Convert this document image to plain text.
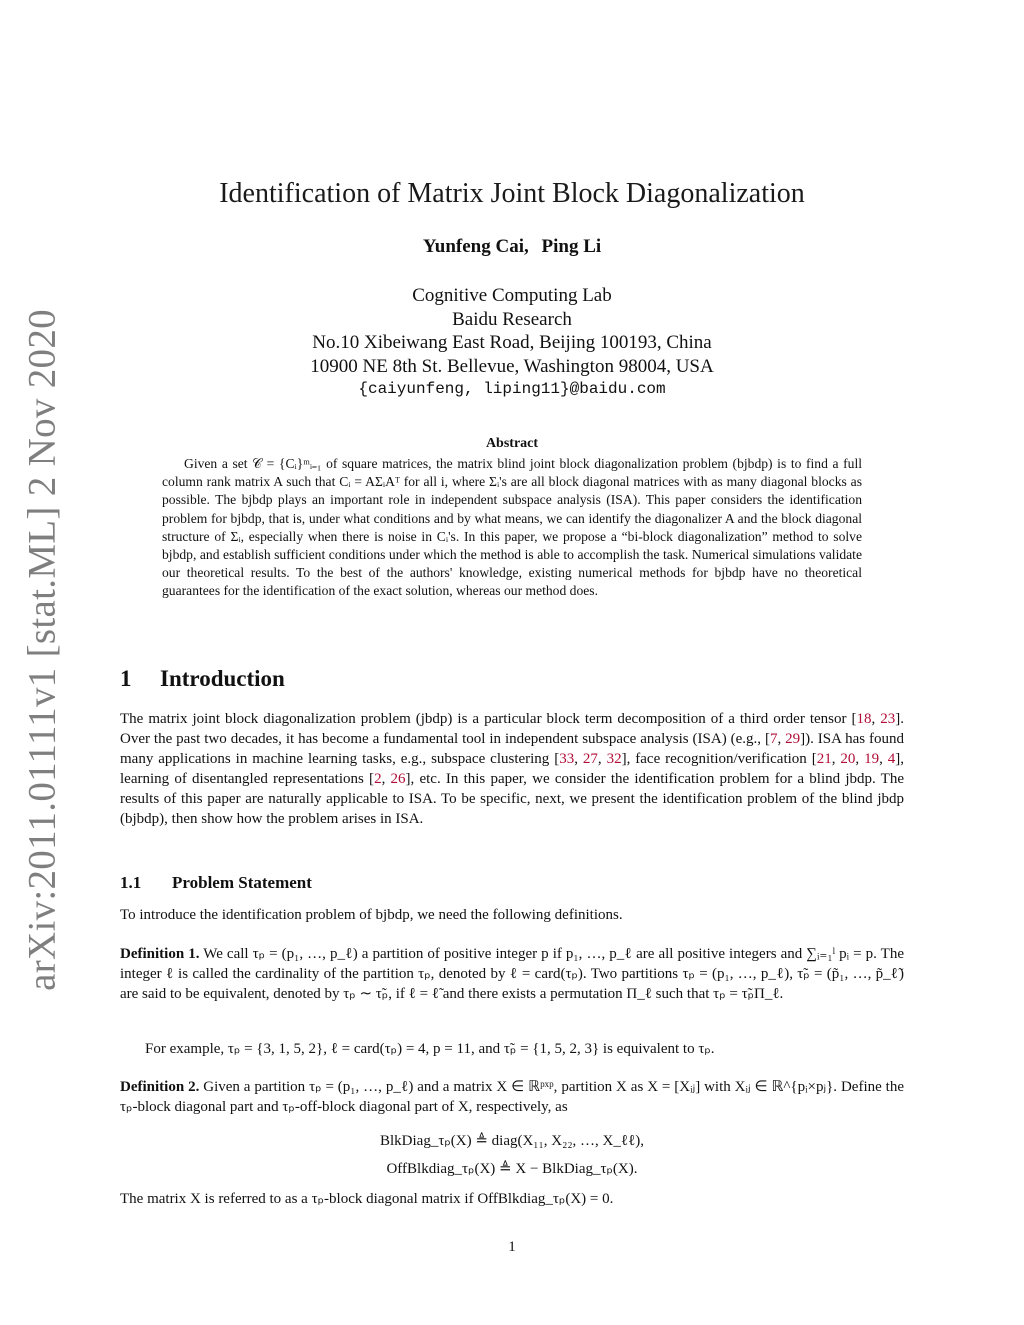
arXiv:2011.01111v1 [stat.ML] 2 Nov 2020
Identification of Matrix Joint Block Diagonalization
Yunfeng Cai, Ping Li
Cognitive Computing Lab
Baidu Research
No.10 Xibeiwang East Road, Beijing 100193, China
10900 NE 8th St. Bellevue, Washington 98004, USA
{caiyunfeng, liping11}@baidu.com
Abstract
Given a set 𝒞 = {Cᵢ}ᵐᵢ₌₁ of square matrices, the matrix blind joint block diagonalization problem (bjbdp) is to find a full column rank matrix A such that Cᵢ = AΣᵢAᵀ for all i, where Σᵢ's are all block diagonal matrices with as many diagonal blocks as possible. The bjbdp plays an important role in independent subspace analysis (ISA). This paper considers the identification problem for bjbdp, that is, under what conditions and by what means, we can identify the diagonalizer A and the block diagonal structure of Σᵢ, especially when there is noise in Cᵢ's. In this paper, we propose a “bi-block diagonalization” method to solve bjbdp, and establish sufficient conditions under which the method is able to accomplish the task. Numerical simulations validate our theoretical results. To the best of the authors' knowledge, existing numerical methods for bjbdp have no theoretical guarantees for the identification of the exact solution, whereas our method does.
1 Introduction
The matrix joint block diagonalization problem (jbdp) is a particular block term decomposition of a third order tensor [18, 23]. Over the past two decades, it has become a fundamental tool in independent subspace analysis (ISA) (e.g., [7, 29]). ISA has found many applications in machine learning tasks, e.g., subspace clustering [33, 27, 32], face recognition/verification [21, 20, 19, 4], learning of disentangled representations [2, 26], etc. In this paper, we consider the identification problem for a blind jbdp. The results of this paper are naturally applicable to ISA. To be specific, next, we present the identification problem of the blind jbdp (bjbdp), then show how the problem arises in ISA.
1.1 Problem Statement
To introduce the identification problem of bjbdp, we need the following definitions.
Definition 1. We call τₚ = (p₁, …, p_ℓ) a partition of positive integer p if p₁, …, p_ℓ are all positive integers and ∑ᵢ₌₁ˡ pᵢ = p. The integer ℓ is called the cardinality of the partition τₚ, denoted by ℓ = card(τₚ). Two partitions τₚ = (p₁, …, p_ℓ), τ̃ₚ = (p̃₁, …, p̃_ℓ̃) are said to be equivalent, denoted by τₚ ∼ τ̃ₚ, if ℓ = ℓ̃ and there exists a permutation Π_ℓ such that τₚ = τ̃ₚΠ_ℓ.
For example, τₚ = {3, 1, 5, 2}, ℓ = card(τₚ) = 4, p = 11, and τ̃ₚ = {1, 5, 2, 3} is equivalent to τₚ.
Definition 2. Given a partition τₚ = (p₁, …, p_ℓ) and a matrix X ∈ ℝᵖˣᵖ, partition X as X = [Xᵢⱼ] with Xᵢⱼ ∈ ℝ^{pᵢ×pⱼ}. Define the τₚ-block diagonal part and τₚ-off-block diagonal part of X, respectively, as
BlkDiag_τₚ(X) ≜ diag(X₁₁, X₂₂, …, X_ℓℓ),
OffBlkdiag_τₚ(X) ≜ X − BlkDiag_τₚ(X).
The matrix X is referred to as a τₚ-block diagonal matrix if OffBlkdiag_τₚ(X) = 0.
1
